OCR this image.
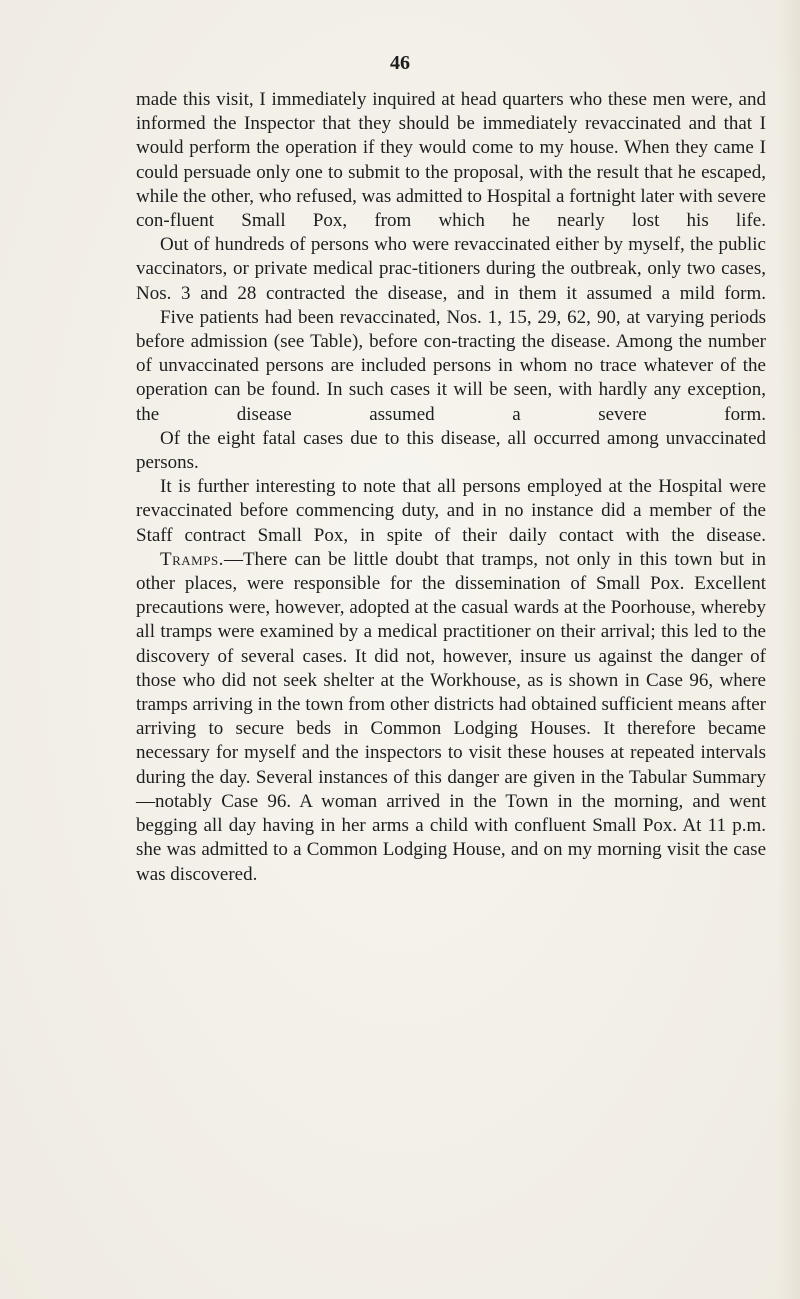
46

made this visit, I immediately inquired at head quarters who these men were, and informed the Inspector that they should be immediately revaccinated and that I would perform the operation if they would come to my house. When they came I could persuade only one to submit to the proposal, with the result that he escaped, while the other, who refused, was admitted to Hospital a fortnight later with severe con-fluent Small Pox, from which he nearly lost his life.

Out of hundreds of persons who were revaccinated either by myself, the public vaccinators, or private medical prac-titioners during the outbreak, only two cases, Nos. 3 and 28 contracted the disease, and in them it assumed a mild form.

Five patients had been revaccinated, Nos. 1, 15, 29, 62, 90, at varying periods before admission (see Table), before con-tracting the disease. Among the number of unvaccinated persons are included persons in whom no trace whatever of the operation can be found. In such cases it will be seen, with hardly any exception, the disease assumed a severe form.

Of the eight fatal cases due to this disease, all occurred among unvaccinated persons.

It is further interesting to note that all persons employed at the Hospital were revaccinated before commencing duty, and in no instance did a member of the Staff contract Small Pox, in spite of their daily contact with the disease.

Tramps.—There can be little doubt that tramps, not only in this town but in other places, were responsible for the dissemination of Small Pox. Excellent precautions were, however, adopted at the casual wards at the Poorhouse, whereby all tramps were examined by a medical practitioner on their arrival; this led to the discovery of several cases. It did not, however, insure us against the danger of those who did not seek shelter at the Workhouse, as is shown in Case 96, where tramps arriving in the town from other districts had obtained sufficient means after arriving to secure beds in Common Lodging Houses. It therefore became necessary for myself and the inspectors to visit these houses at repeated intervals during the day. Several instances of this danger are given in the Tabular Summary—notably Case 96. A woman arrived in the Town in the morning, and went begging all day having in her arms a child with confluent Small Pox. At 11 p.m. she was admitted to a Common Lodging House, and on my morning visit the case was discovered.
